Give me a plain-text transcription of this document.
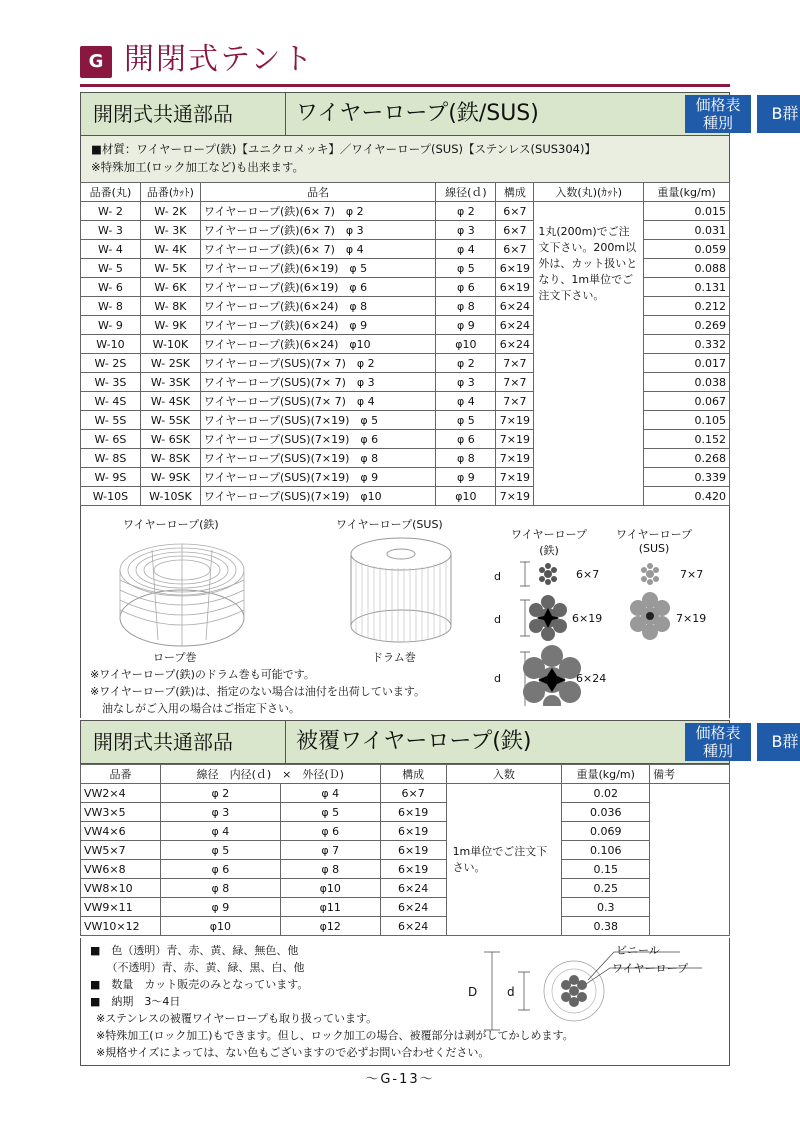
G 開閉式テント
開閉式共通部品	ワイヤーロープ(鉄/SUS)	価格表
種別	B群
■材質：ワイヤーロープ(鉄)【ユニクロメッキ】／ワイヤーロープ(SUS)【ステンレス(SUS304)】
※特殊加工(ロック加工など)も出来ます。
品番(丸)	品番(ｶｯﾄ)	品名	線径(ｄ)	構成	入数(丸)(ｶｯﾄ)	重量(kg/m)
W- 2	W- 2K	ワイヤーロープ(鉄)(6× 7)　φ 2	φ 2	6×7	1丸(200m)でご注文下さい。200m以外は、カット扱いとなり、1m単位でご注文下さい。	0.015
W- 3	W- 3K	ワイヤーロープ(鉄)(6× 7)　φ 3	φ 3	6×7		0.031
W- 4	W- 4K	ワイヤーロープ(鉄)(6× 7)　φ 4	φ 4	6×7		0.059
W- 5	W- 5K	ワイヤーロープ(鉄)(6×19)　φ 5	φ 5	6×19		0.088
W- 6	W- 6K	ワイヤーロープ(鉄)(6×19)　φ 6	φ 6	6×19		0.131
W- 8	W- 8K	ワイヤーロープ(鉄)(6×24)　φ 8	φ 8	6×24		0.212
W- 9	W- 9K	ワイヤーロープ(鉄)(6×24)　φ 9	φ 9	6×24		0.269
W-10	W-10K	ワイヤーロープ(鉄)(6×24)　φ10	φ10	6×24		0.332
W- 2S	W- 2SK	ワイヤーロープ(SUS)(7× 7)　φ 2	φ 2	7×7		0.017
W- 3S	W- 3SK	ワイヤーロープ(SUS)(7× 7)　φ 3	φ 3	7×7		0.038
W- 4S	W- 4SK	ワイヤーロープ(SUS)(7× 7)　φ 4	φ 4	7×7		0.067
W- 5S	W- 5SK	ワイヤーロープ(SUS)(7×19)　φ 5	φ 5	7×19		0.105
W- 6S	W- 6SK	ワイヤーロープ(SUS)(7×19)　φ 6	φ 6	7×19		0.152
W- 8S	W- 8SK	ワイヤーロープ(SUS)(7×19)　φ 8	φ 8	7×19		0.268
W- 9S	W- 9SK	ワイヤーロープ(SUS)(7×19)　φ 9	φ 9	7×19		0.339
W-10S	W-10SK	ワイヤーロープ(SUS)(7×19)　φ10	φ10	7×19		0.420
ワイヤーロープ(鉄)
ロープ巻
ワイヤーロープ(SUS)
ドラム巻
ワイヤーロープ
(鉄)
ワイヤーロープ
(SUS)
6×7
6×19
6×24
7×7
7×19
d
d
d
※ワイヤーロープ(鉄)のドラム巻も可能です。
※ワイヤーロープ(鉄)は、指定のない場合は油付を出荷しています。
油なしがご入用の場合はご指定下さい。
開閉式共通部品	被覆ワイヤーロープ(鉄)	価格表
種別	B群
品番	線径　内径(ｄ)　×　外径(Ｄ)		構成	入数	重量(kg/m)	備考
VW2×4	φ 2	φ 4	6×7	1m単位でご注文下さい。	0.02	
VW3×5	φ 3	φ 5	6×19		0.036	
VW4×6	φ 4	φ 6	6×19		0.069	
VW5×7	φ 5	φ 7	6×19		0.106	
VW6×8	φ 6	φ 8	6×19		0.15	
VW8×10	φ 8	φ10	6×24		0.25	
VW9×11	φ 9	φ11	6×24		0.3	
VW10×12	φ10	φ12	6×24		0.38	
■　色（透明）青、赤、黄、緑、無色、他
　　（不透明）青、赤、黄、緑、黒、白、他
■　数量　カット販売のみとなっています。
■　納期　3～4日
※ステンレスの被覆ワイヤーロープも取り扱っています。
※特殊加工(ロック加工)もできます。但し、ロック加工の場合、被覆部分は剥がしてかしめます。
※規格サイズによっては、ない色もございますので必ずお問い合わせください。
ビニール
ワイヤーロープ
D d
～G-13～
